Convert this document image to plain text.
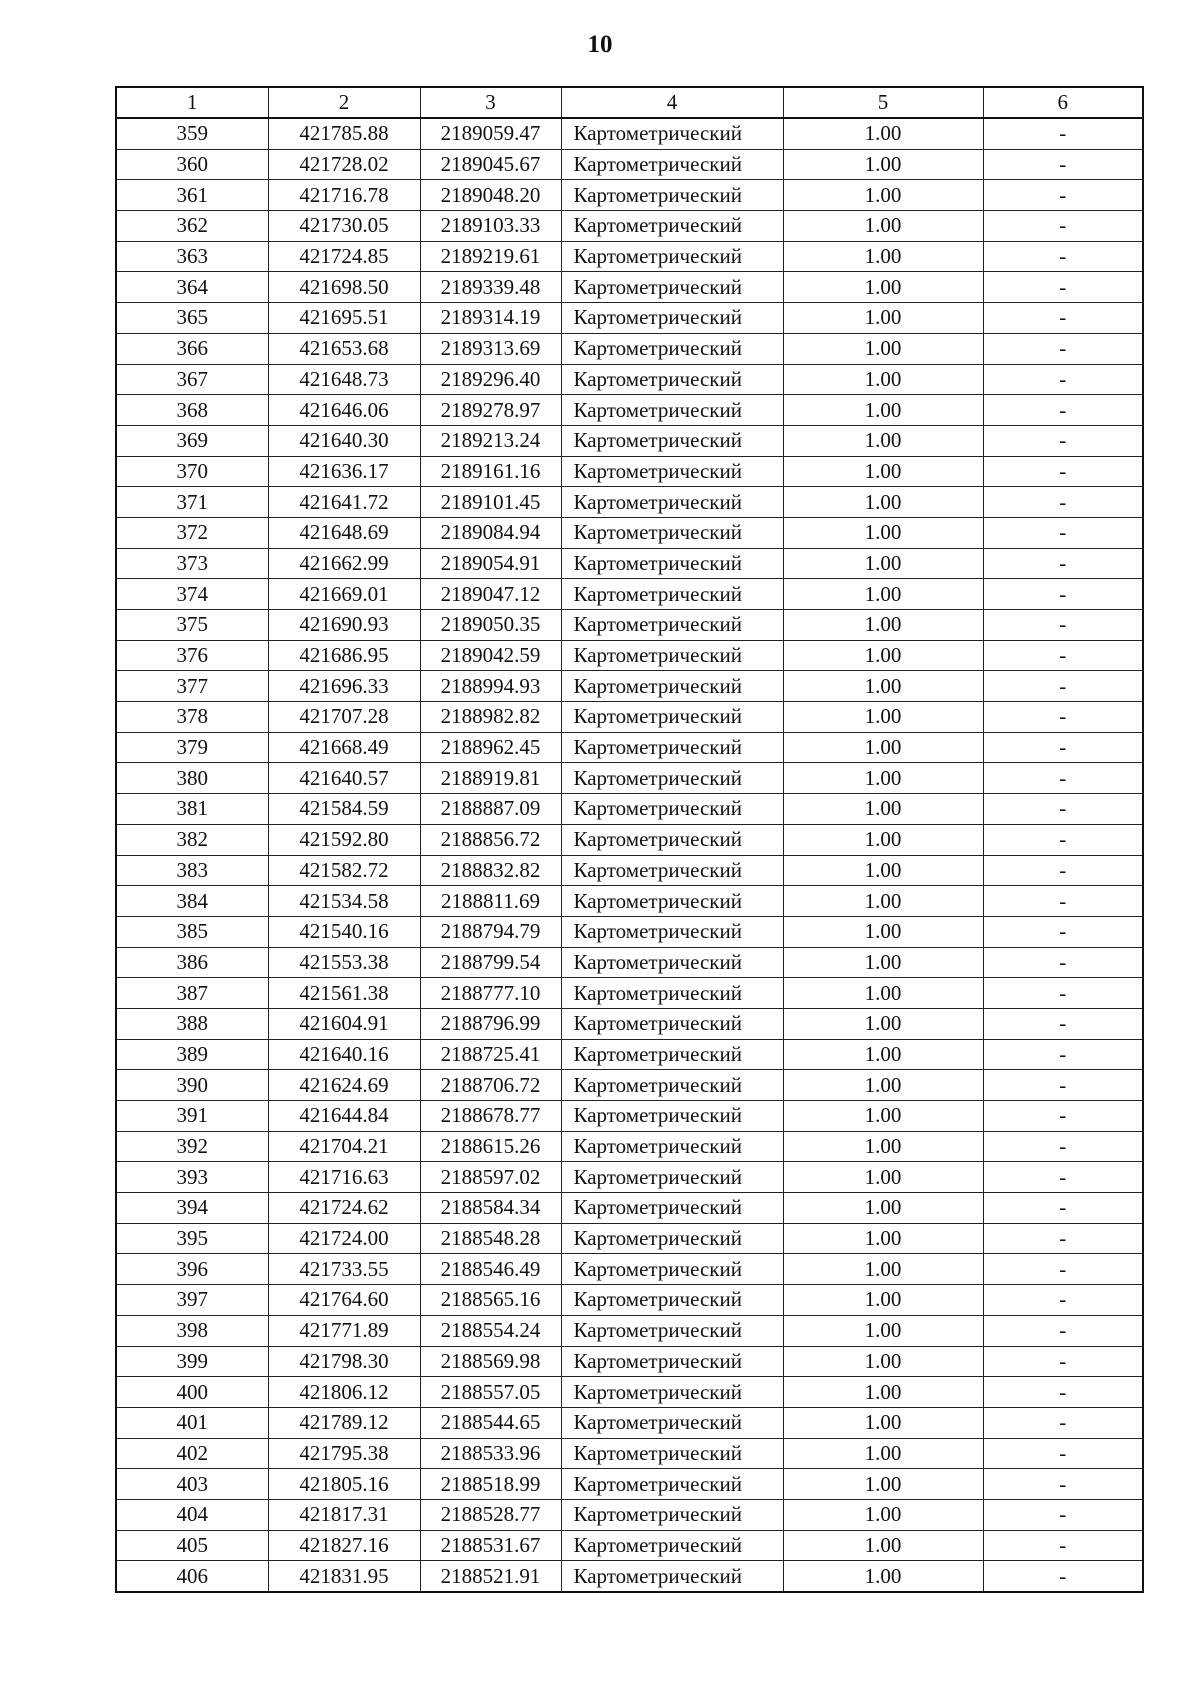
10
1	2	3	4	5	6
359	421785.88	2189059.47	Картометрический	1.00	-
360	421728.02	2189045.67	Картометрический	1.00	-
361	421716.78	2189048.20	Картометрический	1.00	-
362	421730.05	2189103.33	Картометрический	1.00	-
363	421724.85	2189219.61	Картометрический	1.00	-
364	421698.50	2189339.48	Картометрический	1.00	-
365	421695.51	2189314.19	Картометрический	1.00	-
366	421653.68	2189313.69	Картометрический	1.00	-
367	421648.73	2189296.40	Картометрический	1.00	-
368	421646.06	2189278.97	Картометрический	1.00	-
369	421640.30	2189213.24	Картометрический	1.00	-
370	421636.17	2189161.16	Картометрический	1.00	-
371	421641.72	2189101.45	Картометрический	1.00	-
372	421648.69	2189084.94	Картометрический	1.00	-
373	421662.99	2189054.91	Картометрический	1.00	-
374	421669.01	2189047.12	Картометрический	1.00	-
375	421690.93	2189050.35	Картометрический	1.00	-
376	421686.95	2189042.59	Картометрический	1.00	-
377	421696.33	2188994.93	Картометрический	1.00	-
378	421707.28	2188982.82	Картометрический	1.00	-
379	421668.49	2188962.45	Картометрический	1.00	-
380	421640.57	2188919.81	Картометрический	1.00	-
381	421584.59	2188887.09	Картометрический	1.00	-
382	421592.80	2188856.72	Картометрический	1.00	-
383	421582.72	2188832.82	Картометрический	1.00	-
384	421534.58	2188811.69	Картометрический	1.00	-
385	421540.16	2188794.79	Картометрический	1.00	-
386	421553.38	2188799.54	Картометрический	1.00	-
387	421561.38	2188777.10	Картометрический	1.00	-
388	421604.91	2188796.99	Картометрический	1.00	-
389	421640.16	2188725.41	Картометрический	1.00	-
390	421624.69	2188706.72	Картометрический	1.00	-
391	421644.84	2188678.77	Картометрический	1.00	-
392	421704.21	2188615.26	Картометрический	1.00	-
393	421716.63	2188597.02	Картометрический	1.00	-
394	421724.62	2188584.34	Картометрический	1.00	-
395	421724.00	2188548.28	Картометрический	1.00	-
396	421733.55	2188546.49	Картометрический	1.00	-
397	421764.60	2188565.16	Картометрический	1.00	-
398	421771.89	2188554.24	Картометрический	1.00	-
399	421798.30	2188569.98	Картометрический	1.00	-
400	421806.12	2188557.05	Картометрический	1.00	-
401	421789.12	2188544.65	Картометрический	1.00	-
402	421795.38	2188533.96	Картометрический	1.00	-
403	421805.16	2188518.99	Картометрический	1.00	-
404	421817.31	2188528.77	Картометрический	1.00	-
405	421827.16	2188531.67	Картометрический	1.00	-
406	421831.95	2188521.91	Картометрический	1.00	-
